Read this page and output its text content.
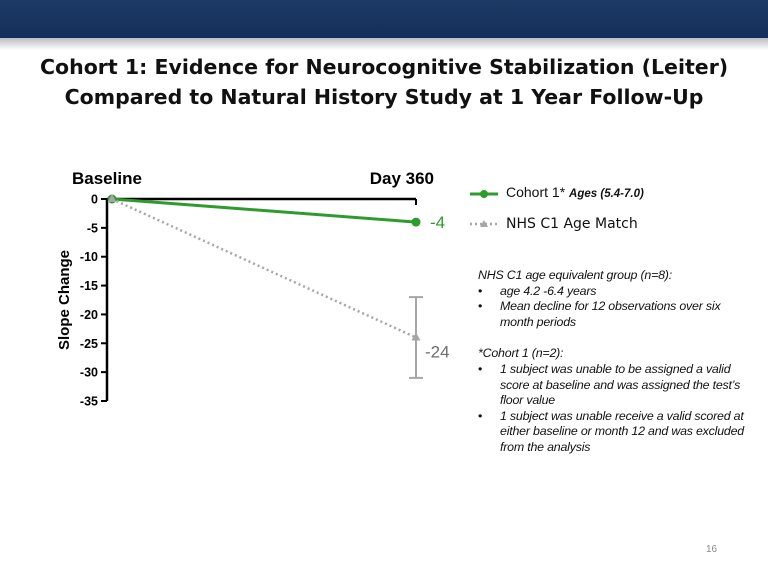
Cohort 1: Evidence for Neurocognitive Stabilization (Leiter)
Compared to Natural History Study at 1 Year Follow-Up
0
-5
-10
-15
-20
-25
-30
-35
Slope Change
Baseline	Day 360
-4
-24
Cohort 1* Ages (5.4-7.0)
NHS C1 Age Match

NHS C1 age equivalent group (n=8):

• age 4.2 -6.4 years
• Mean decline for 12 observations over six month periods

*Cohort 1 (n=2):

• 1 subject was unable to be assigned a valid score at baseline and was assigned the test’s floor value
• 1 subject was unable receive a valid scored at either baseline or month 12 and was excluded from the analysis
16
